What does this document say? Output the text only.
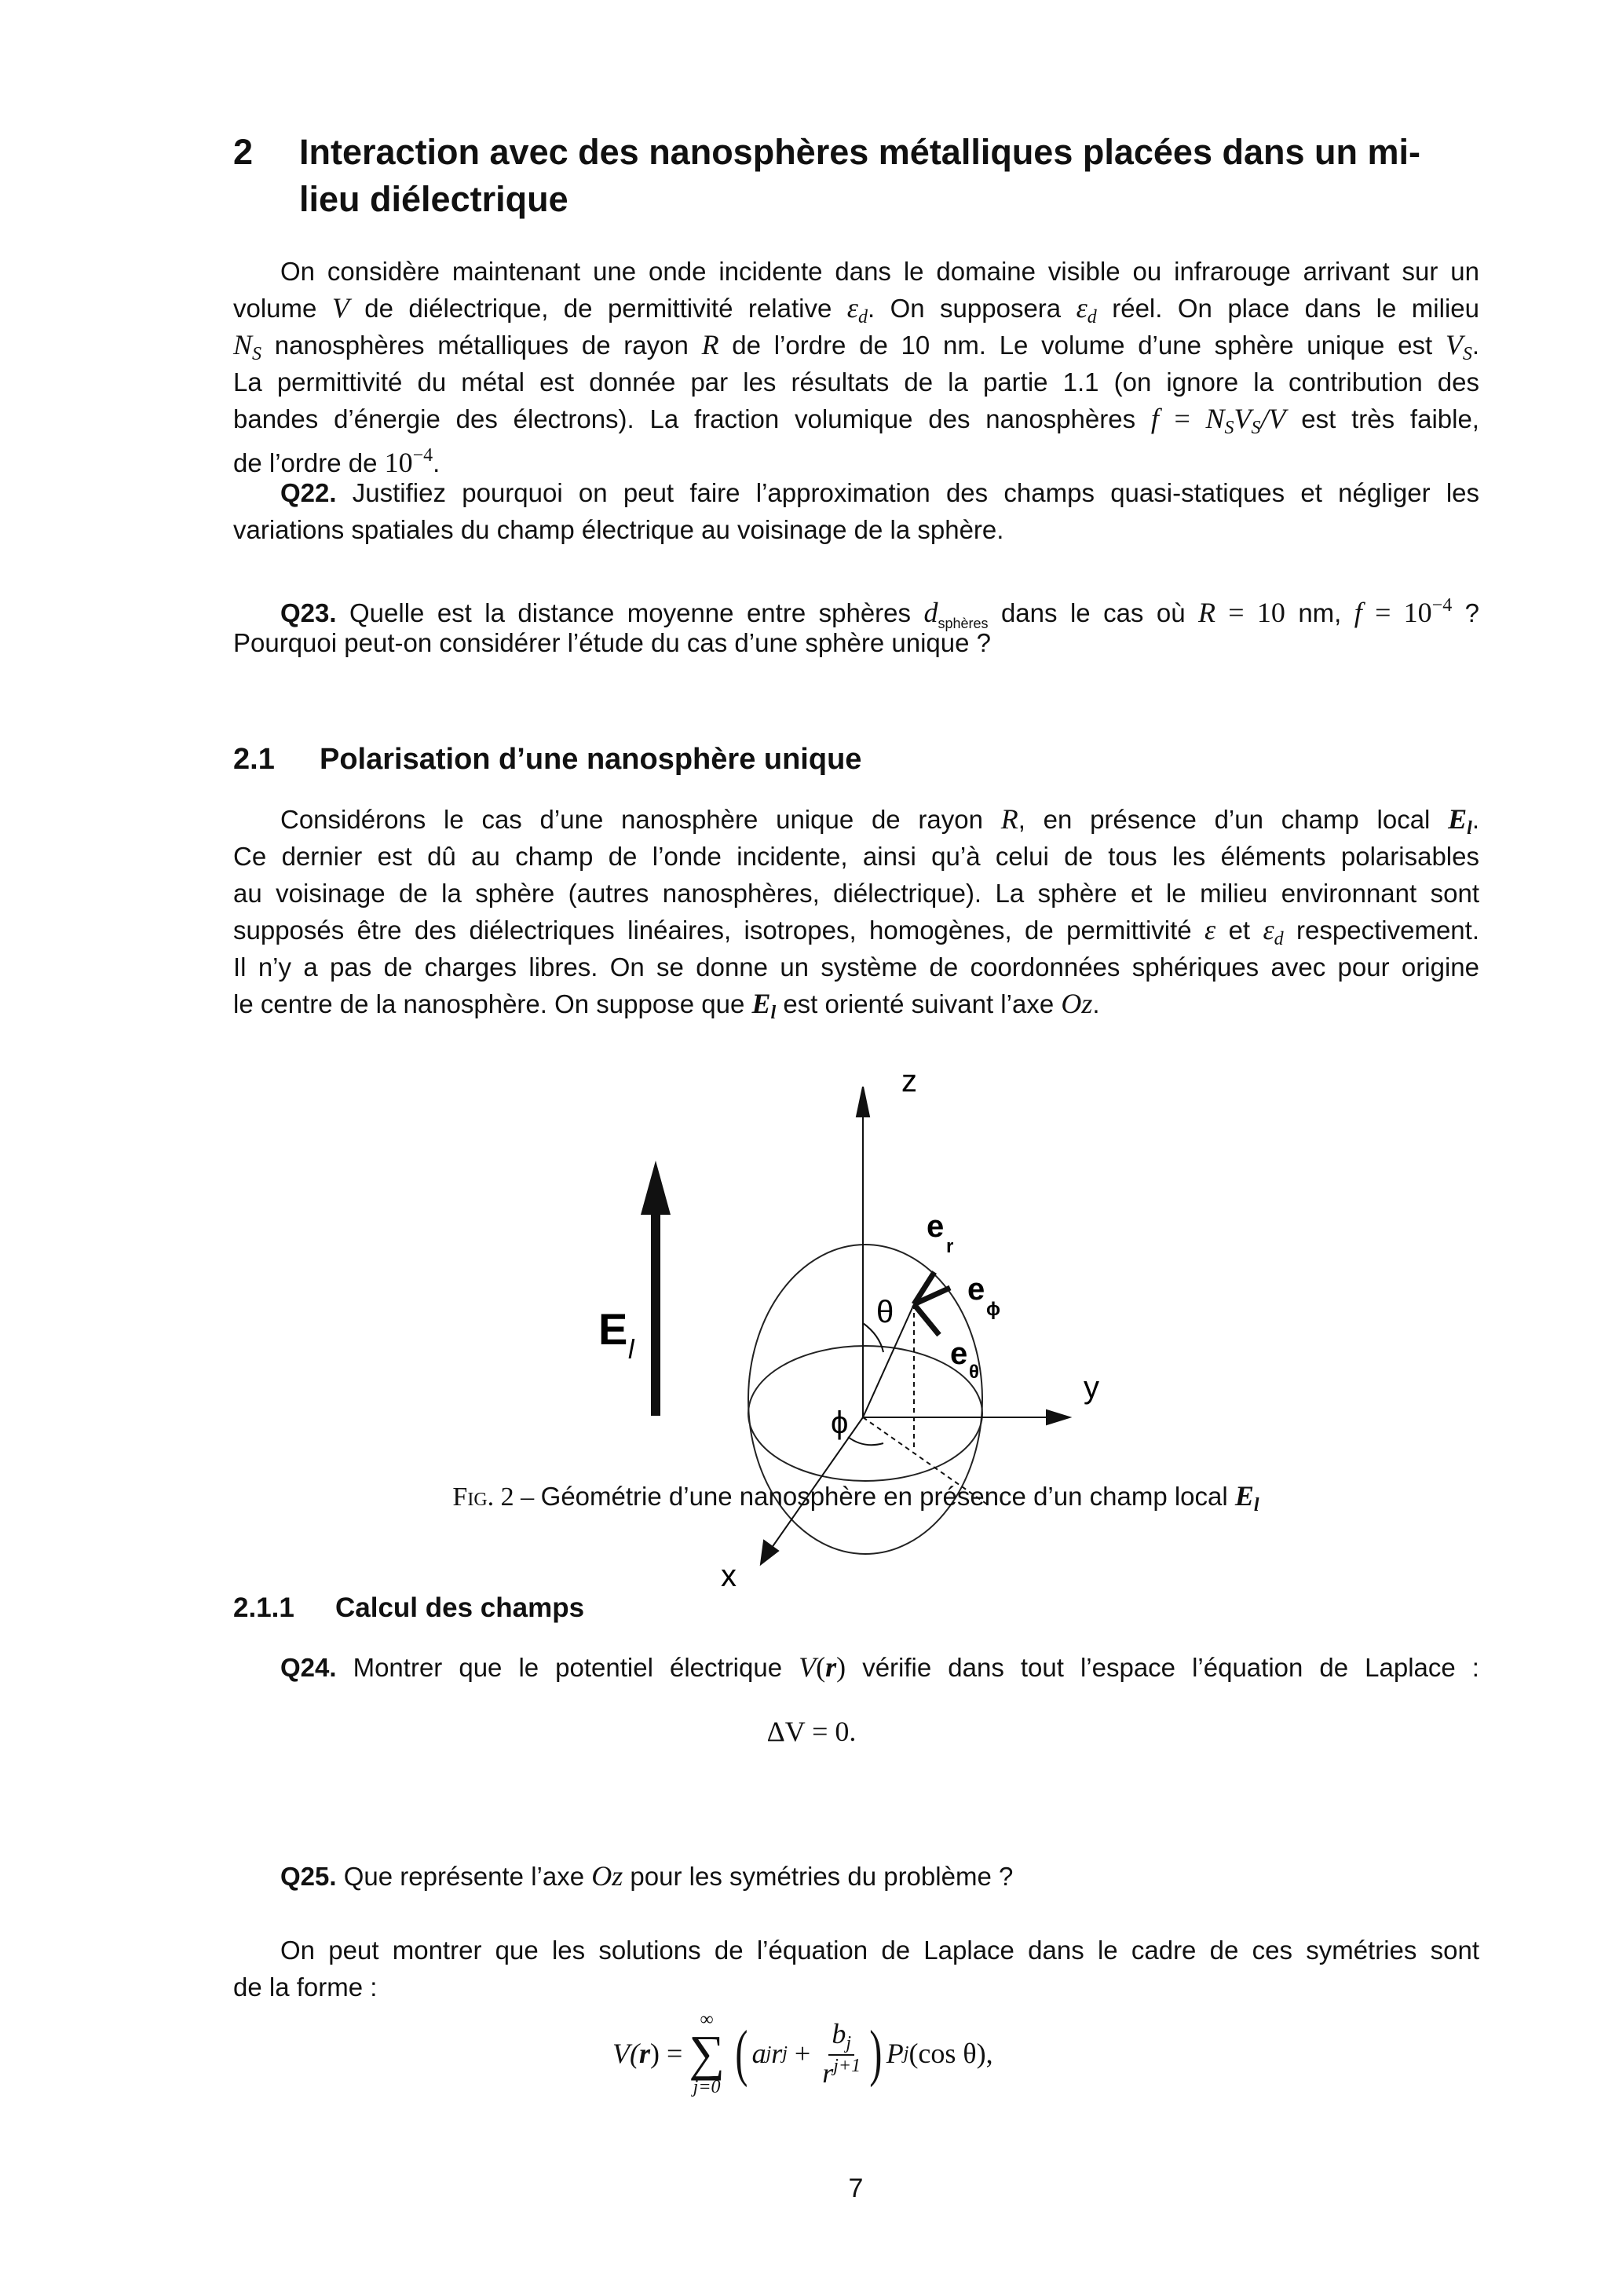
2 Interaction avec des nanosphères métalliques placées dans un mi-
lieu diélectrique
On considère maintenant une onde incidente dans le domaine visible ou infrarouge arrivant sur un
volume V de diélectrique, de permittivité relative $\varepsilon_d$. On supposera $\varepsilon_d$ réel. On place dans le milieu
$N_S$ nanosphères métalliques de rayon R de l’ordre de 10 nm. Le volume d’une sphère unique est $V_S$.
La permittivité du métal est donnée par les résultats de la partie 1.1 (on ignore la contribution des
bandes d’énergie des électrons). La fraction volumique des nanosphères $f = N_SV_S/V$ est très faible,
de l’ordre de $10^{-4}$.
Q22. Justifiez pourquoi on peut faire l’approximation des champs quasi-statiques et négliger les
variations spatiales du champ électrique au voisinage de la sphère.
Q23. Quelle est la distance moyenne entre sphères $d_{sphères}$ dans le cas où R = 10 nm, $f = 10^{-4}$ ?
Pourquoi peut-on considérer l’étude du cas d’une sphère unique ?
2.1 Polarisation d’une nanosphère unique
Considérons le cas d’une nanosphère unique de rayon R, en présence d’un champ local $E_l$.
Ce dernier est dû au champ de l’onde incidente, ainsi qu’à celui de tous les éléments polarisables
au voisinage de la sphère (autres nanosphères, diélectrique). La sphère et le milieu environnant sont
supposés être des diélectriques linéaires, isotropes, homogènes, de permittivité ε et $\varepsilon_d$ respectivement.
Il n’y a pas de charges libres. On se donne un système de coordonnées sphériques avec pour origine
le centre de la nanosphère. On suppose que $E_l$ est orienté suivant l’axe Oz.
z
y
x
θ
ϕ
E l
e
r
e
ϕ
e
θ
Fig. 2 – Géométrie d’une nanosphère en présence d’un champ local $E_l$
2.1.1 Calcul des champs
Q24. Montrer que le potentiel électrique V(r) vérifie dans tout l’espace l’équation de Laplace :
ΔV = 0.
Q25. Que représente l’axe Oz pour les symétries du problème ?
On peut montrer que les solutions de l’équation de Laplace dans le cadre de ces symétries sont
de la forme :
V( r ) =
∞
∑
j=0 ( a j r $j + \frac{b_j}{r^{j+1}}$ ) P j (cos θ),
7
